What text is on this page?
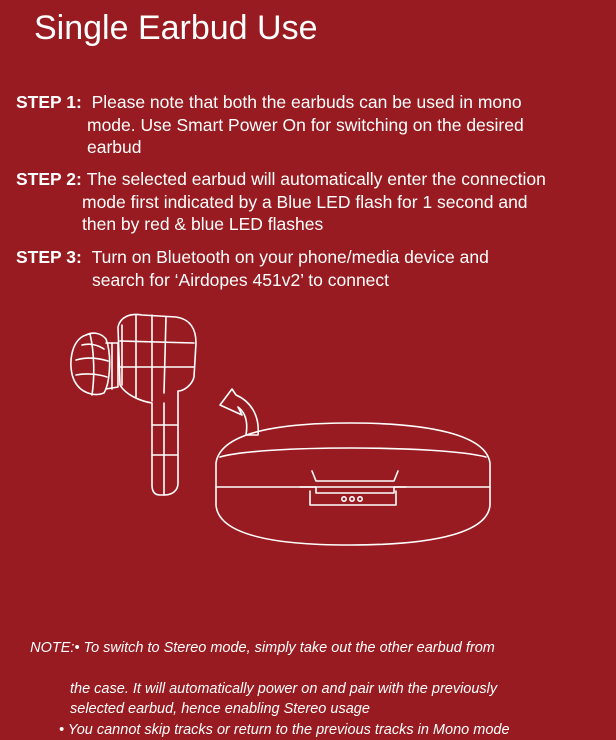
Single Earbud Use
STEP 1: Please note that both the earbuds can be used in mono
mode. Use Smart Power On for switching on the desired
earbud
STEP 2: The selected earbud will automatically enter the connection
mode first indicated by a Blue LED flash for 1 second and
then by red & blue LED flashes
STEP 3: Turn on Bluetooth on your phone/media device and
search for ‘Airdopes 451v2’ to connect

NOTE:• To switch to Stereo mode, simply take out the other earbud from

the case. It will automatically power on and pair with the previously
selected earbud, hence enabling Stereo usage
• You cannot skip tracks or return to the previous tracks in Mono mode
